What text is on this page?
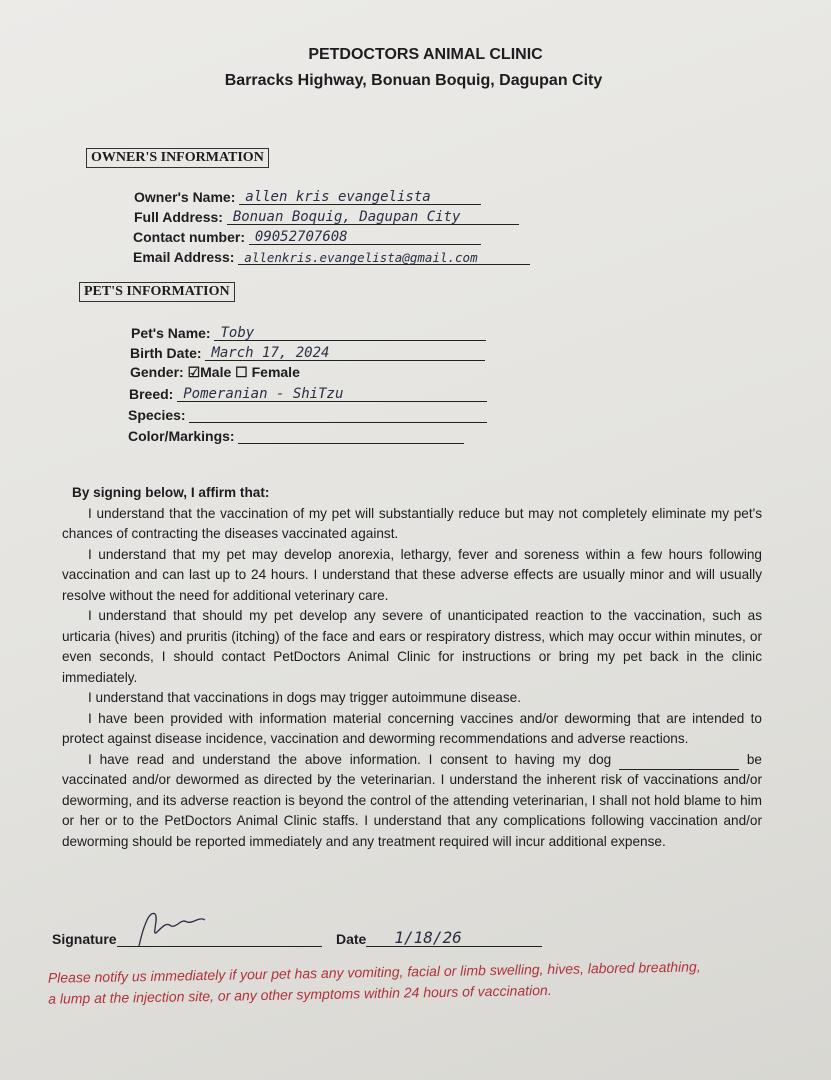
PETDOCTORS ANIMAL CLINIC
Barracks Highway, Bonuan Boquig, Dagupan City
OWNER'S INFORMATION
Owner's Name: allen kris evangelista
Full Address: Bonuan Boquig, Dagupan City
Contact number: 09052707608
Email Address: allenkris.evangelista@gmail.com
PET'S INFORMATION
Pet's Name: Toby
Birth Date: March 17, 2024
Gender: ☑Male ☐ Female
Breed: Pomeranian - ShiTzu
Species:
Color/Markings:

By signing below, I affirm that:

I understand that the vaccination of my pet will substantially reduce but may not completely eliminate my pet's chances of contracting the diseases vaccinated against.

I understand that my pet may develop anorexia, lethargy, fever and soreness within a few hours following vaccination and can last up to 24 hours. I understand that these adverse effects are usually minor and will usually resolve without the need for additional veterinary care.

I understand that should my pet develop any severe of unanticipated reaction to the vaccination, such as urticaria (hives) and pruritis (itching) of the face and ears or respiratory distress, which may occur within minutes, or even seconds, I should contact PetDoctors Animal Clinic for instructions or bring my pet back in the clinic immediately.

I understand that vaccinations in dogs may trigger autoimmune disease.

I have been provided with information material concerning vaccines and/or deworming that are intended to protect against disease incidence, vaccination and deworming recommendations and adverse reactions.

I have read and understand the above information. I consent to having my dog	be vaccinated and/or dewormed as directed by the veterinarian. I understand the inherent risk of vaccinations and/or deworming, and its adverse reaction is beyond the control of the attending veterinarian, I shall not hold blame to him or her or to the PetDoctors Animal Clinic staffs. I understand that any complications following vaccination and/or deworming should be reported immediately and any treatment required will incur additional expense.

Signature	Date 1/18/26
Please notify us immediately if your pet has any vomiting, facial or limb swelling, hives, labored breathing, a lump at the injection site, or any other symptoms within 24 hours of vaccination.
